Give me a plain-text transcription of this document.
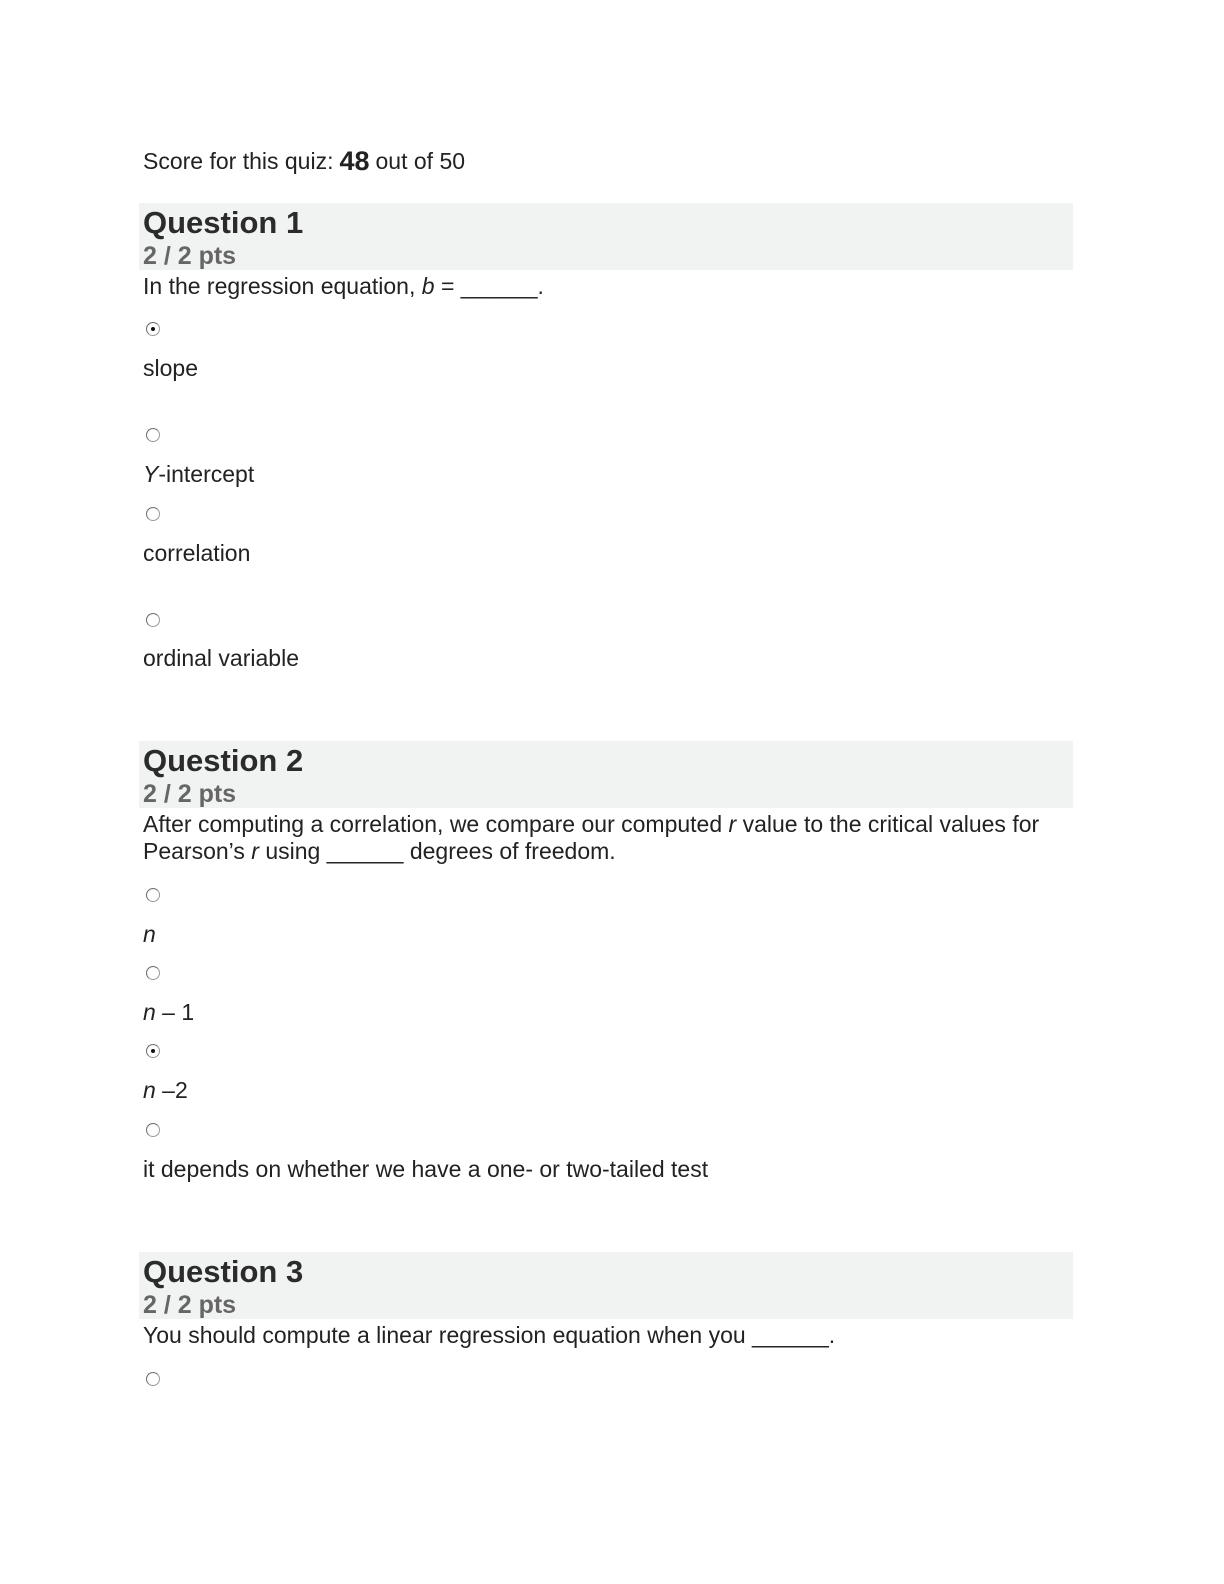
Score for this quiz: 48 out of 50
Question 1
2 / 2 pts
In the regression equation, b = ______.
slope
Y-intercept
correlation
ordinal variable
Question 2
2 / 2 pts
After computing a correlation, we compare our computed r value to the critical values for Pearson’s r using ______ degrees of freedom.
n
n – 1
n –2
it depends on whether we have a one- or two-tailed test
Question 3
2 / 2 pts
You should compute a linear regression equation when you ______.
